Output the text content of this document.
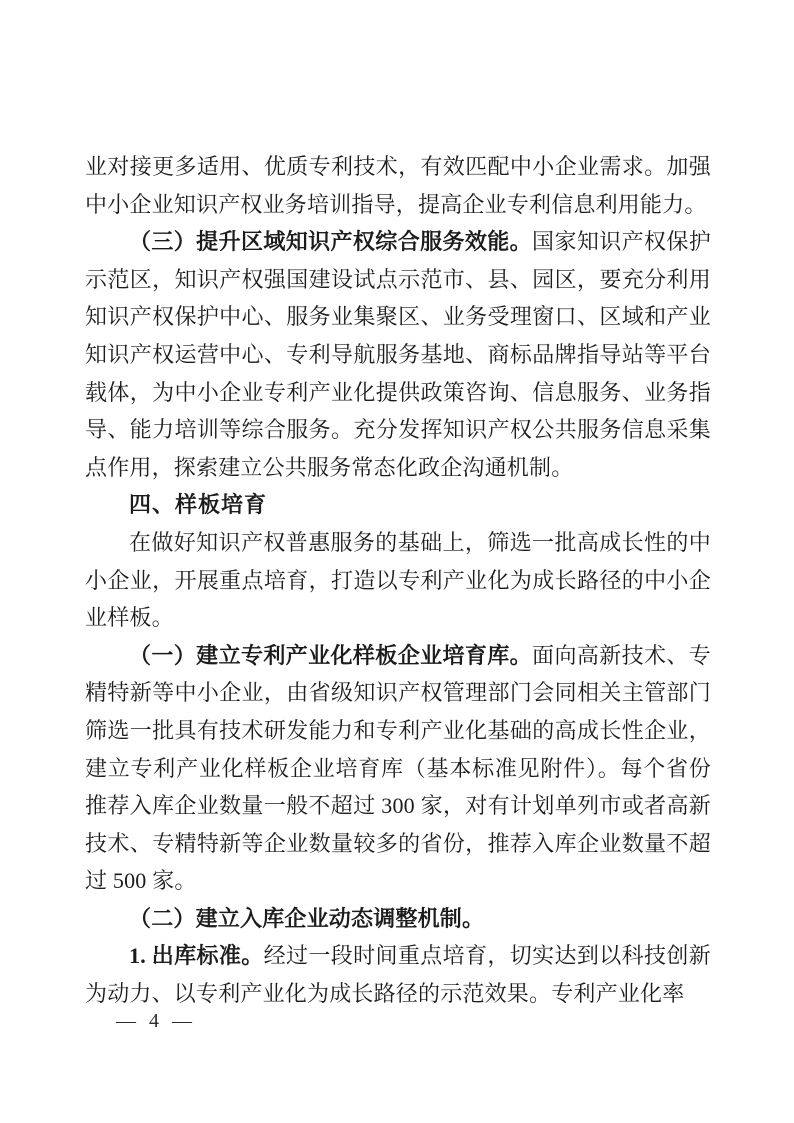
业对接更多适用、优质专利技术，有效匹配中小企业需求。加强中小企业知识产权业务培训指导，提高企业专利信息利用能力。

（三）提升区域知识产权综合服务效能。国家知识产权保护示范区，知识产权强国建设试点示范市、县、园区，要充分利用知识产权保护中心、服务业集聚区、业务受理窗口、区域和产业知识产权运营中心、专利导航服务基地、商标品牌指导站等平台载体，为中小企业专利产业化提供政策咨询、信息服务、业务指导、能力培训等综合服务。充分发挥知识产权公共服务信息采集点作用，探索建立公共服务常态化政企沟通机制。

四、样板培育

在做好知识产权普惠服务的基础上，筛选一批高成长性的中小企业，开展重点培育，打造以专利产业化为成长路径的中小企业样板。

（一）建立专利产业化样板企业培育库。面向高新技术、专精特新等中小企业，由省级知识产权管理部门会同相关主管部门筛选一批具有技术研发能力和专利产业化基础的高成长性企业，建立专利产业化样板企业培育库（基本标准见附件）。每个省份推荐入库企业数量一般不超过 300 家，对有计划单列市或者高新技术、专精特新等企业数量较多的省份，推荐入库企业数量不超过 500 家。

（二）建立入库企业动态调整机制。

1. 出库标准。经过一段时间重点培育，切实达到以科技创新为动力、以专利产业化为成长路径的示范效果。专利产业化率

— 4 —
